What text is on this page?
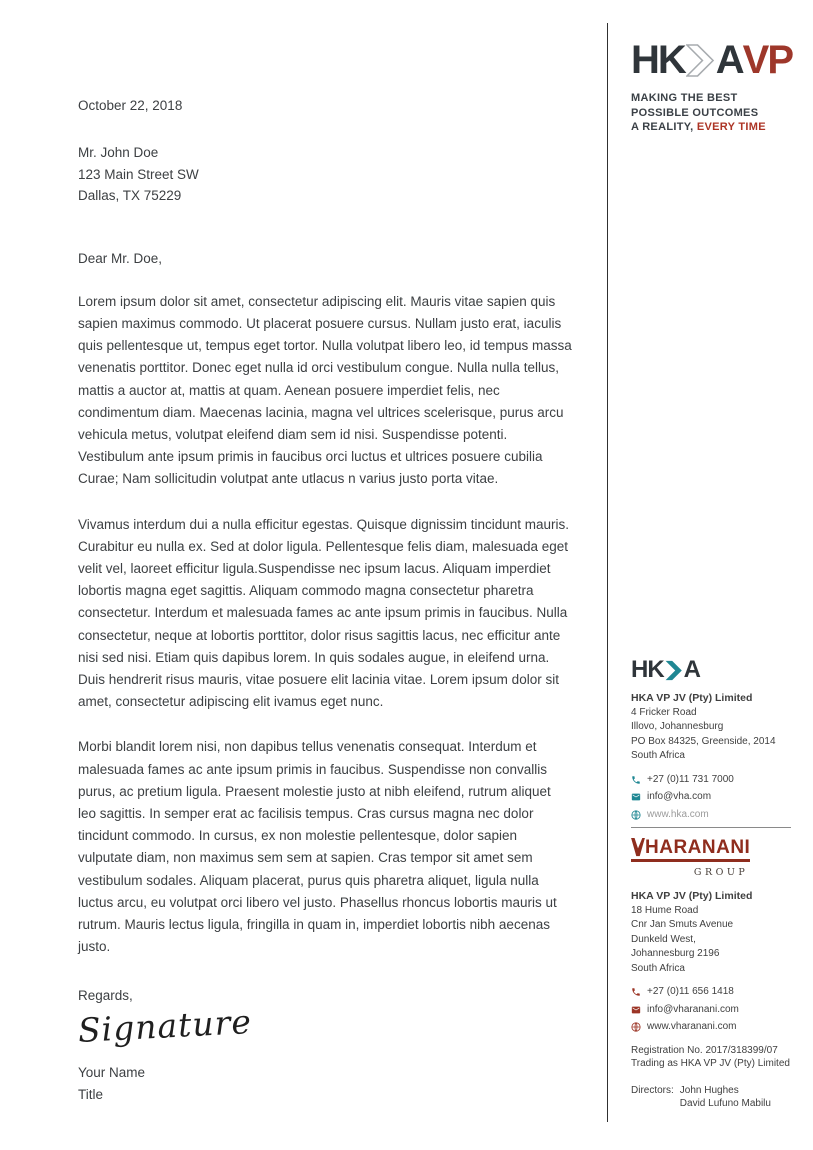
October 22, 2018
Mr. John Doe
123 Main Street SW
Dallas, TX 75229
Dear Mr. Doe,
Lorem ipsum dolor sit amet, consectetur adipiscing elit. Mauris vitae sapien quis sapien maximus commodo. Ut placerat posuere cursus. Nullam justo erat, iaculis quis pellentesque ut, tempus eget tortor. Nulla volutpat libero leo, id tempus massa venenatis porttitor. Donec eget nulla id orci vestibulum congue. Nulla nulla tellus, mattis a auctor at, mattis at quam. Aenean posuere imperdiet felis, nec condimentum diam. Maecenas lacinia, magna vel ultrices scelerisque, purus arcu vehicula metus, volutpat eleifend diam sem id nisi. Suspendisse potenti. Vestibulum ante ipsum primis in faucibus orci luctus et ultrices posuere cubilia Curae; Nam sollicitudin volutpat ante utlacus n varius justo porta vitae.
Vivamus interdum dui a nulla efficitur egestas. Quisque dignissim tincidunt mauris. Curabitur eu nulla ex. Sed at dolor ligula. Pellentesque felis diam, malesuada eget velit vel, laoreet efficitur ligula.Suspendisse nec ipsum lacus. Aliquam imperdiet lobortis magna eget sagittis. Aliquam commodo magna consectetur pharetra consectetur. Interdum et malesuada fames ac ante ipsum primis in faucibus. Nulla consectetur, neque at lobortis porttitor, dolor risus sagittis lacus, nec efficitur ante nisi sed nisi. Etiam quis dapibus lorem. In quis sodales augue, in eleifend urna. Duis hendrerit risus mauris, vitae posuere elit lacinia vitae. Lorem ipsum dolor sit amet, consectetur adipiscing elit ivamus eget nunc.
Morbi blandit lorem nisi, non dapibus tellus venenatis consequat. Interdum et malesuada fames ac ante ipsum primis in faucibus. Suspendisse non convallis purus, ac pretium ligula. Praesent molestie justo at nibh eleifend, rutrum aliquet leo sagittis. In semper erat ac facilisis tempus. Cras cursus magna nec dolor tincidunt commodo. In cursus, ex non molestie pellentesque, dolor sapien vulputate diam, non maximus sem sem at sapien. Cras tempor sit amet sem vestibulum sodales. Aliquam placerat, purus quis pharetra aliquet, ligula nulla luctus arcu, eu volutpat orci libero vel justo. Phasellus rhoncus lobortis mauris ut rutrum. Mauris lectus ligula, fringilla in quam in, imperdiet lobortis nibh aecenas justo.
Regards,
Signature
Your Name
Title
HK A VP
MAKING THE BEST
POSSIBLE OUTCOMES
A REALITY, EVERY TIME
HK A
HKA VP JV (Pty) Limited
4 Fricker Road
Illovo, Johannesburg
PO Box 84325, Greenside, 2014
South Africa
+27 (0)11 731 7000
info@vha.com
www.hka.com
HARANANI
GROUP
HKA VP JV (Pty) Limited
18 Hume Road
Cnr Jan Smuts Avenue
Dunkeld West,
Johannesburg 2196
South Africa
+27 (0)11 656 1418
info@vharanani.com
www.vharanani.com
Registration No. 2017/318399/07
Trading as HKA VP JV (Pty) Limited
Directors: John Hughes
David Lufuno Mabilu
